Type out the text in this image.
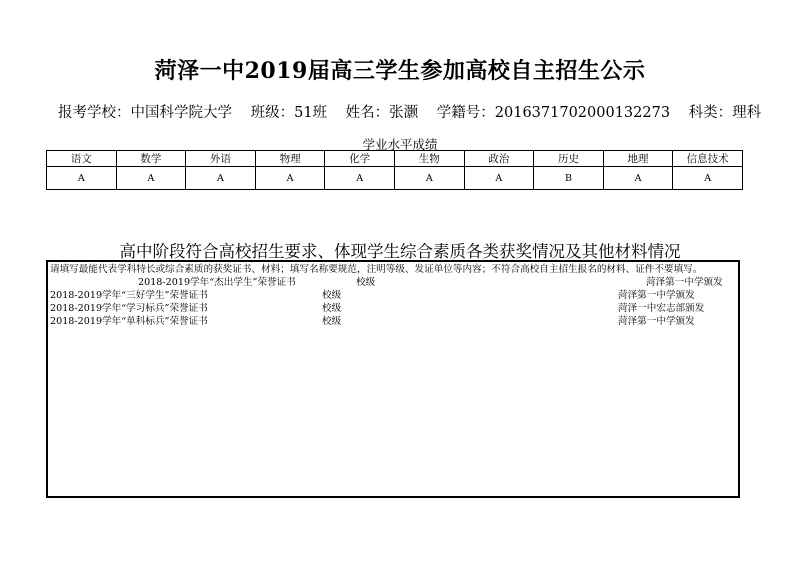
菏泽一中2019届高三学生参加高校自主招生公示
报考学校：中国科学院大学 班级：51班 姓名：张灏 学籍号：2016371702000132273 科类：理科
学业水平成绩
语文	数学	外语	物理	化学	生物	政治	历史	地理	信息技术
A	A	A	A	A	A	A	B	A	A
高中阶段符合高校招生要求、体现学生综合素质各类获奖情况及其他材料情况
请填写最能代表学科特长或综合素质的获奖证书、材料；填写名称要规范，注明等级、发证单位等内容；不符合高校自主招生报名的材料、证件不要填写。
2018-2019学年“杰出学生”荣誉证书	校级	菏泽第一中学颁发
2018-2019学年“三好学生”荣誉证书	校级	菏泽第一中学颁发
2018-2019学年“学习标兵”荣誉证书	校级	菏泽一中宏志部颁发
2018-2019学年“单科标兵”荣誉证书	校级	菏泽第一中学颁发
